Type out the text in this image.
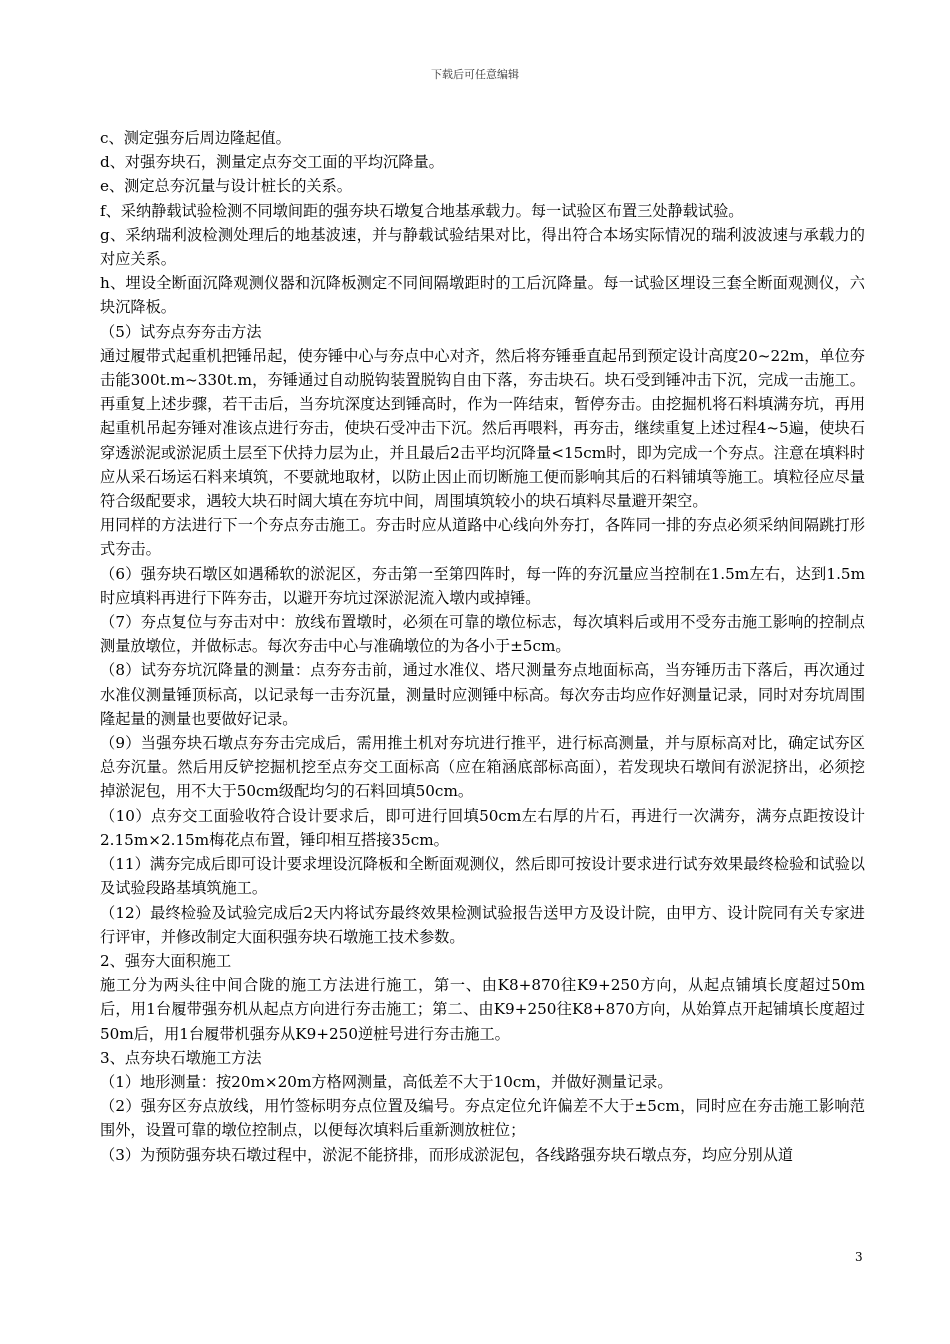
下载后可任意编辑

c、测定强夯后周边隆起值。

d、对强夯块石，测量定点夯交工面的平均沉降量。

e、测定总夯沉量与设计桩长的关系。

f、采纳静载试验检测不同墩间距的强夯块石墩复合地基承载力。每一试验区布置三处静载试验。

g、采纳瑞利波检测处理后的地基波速，并与静载试验结果对比，得出符合本场实际情况的瑞利波波速与承载力的对应关系。

h、埋设全断面沉降观测仪器和沉降板测定不同间隔墩距时的工后沉降量。每一试验区埋设三套全断面观测仪，六块沉降板。

（5）试夯点夯夯击方法

通过履带式起重机把锤吊起，使夯锤中心与夯点中心对齐，然后将夯锤垂直起吊到预定设计高度20~22m，单位夯击能300t.m~330t.m，夯锤通过自动脱钩装置脱钩自由下落，夯击块石。块石受到锤冲击下沉，完成一击施工。再重复上述步骤，若干击后，当夯坑深度达到锤高时，作为一阵结束，暂停夯击。由挖掘机将石料填满夯坑，再用起重机吊起夯锤对准该点进行夯击，使块石受冲击下沉。然后再喂料，再夯击，继续重复上述过程4~5遍，使块石穿透淤泥或淤泥质土层至下伏持力层为止，并且最后2击平均沉降量<15cm时，即为完成一个夯点。注意在填料时应从采石场运石料来填筑，不要就地取材，以防止因止而切断施工便而影响其后的石料铺填等施工。填粒径应尽量符合级配要求，遇较大块石时阔大填在夯坑中间，周围填筑较小的块石填料尽量避开架空。

用同样的方法进行下一个夯点夯击施工。夯击时应从道路中心线向外夯打，各阵同一排的夯点必须采纳间隔跳打形式夯击。

（6）强夯块石墩区如遇稀软的淤泥区，夯击第一至第四阵时，每一阵的夯沉量应当控制在1.5m左右，达到1.5m时应填料再进行下阵夯击，以避开夯坑过深淤泥流入墩内或掉锤。

（7）夯点复位与夯击对中：放线布置墩时，必须在可靠的墩位标志，每次填料后或用不受夯击施工影响的控制点测量放墩位，并做标志。每次夯击中心与准确墩位的为各小于±5cm。

（8）试夯夯坑沉降量的测量：点夯夯击前，通过水准仪、塔尺测量夯点地面标高，当夯锤历击下落后，再次通过水准仪测量锤顶标高，以记录每一击夯沉量，测量时应测锤中标高。每次夯击均应作好测量记录，同时对夯坑周围隆起量的测量也要做好记录。

（9）当强夯块石墩点夯夯击完成后，需用推土机对夯坑进行推平，进行标高测量，并与原标高对比，确定试夯区总夯沉量。然后用反铲挖掘机挖至点夯交工面标高（应在箱涵底部标高面），若发现块石墩间有淤泥挤出，必须挖掉淤泥包，用不大于50cm级配均匀的石料回填50cm。

（10）点夯交工面验收符合设计要求后，即可进行回填50cm左右厚的片石，再进行一次满夯，满夯点距按设计2.15m×2.15m梅花点布置，锤印相互搭接35cm。

（11）满夯完成后即可设计要求埋设沉降板和全断面观测仪，然后即可按设计要求进行试夯效果最终检验和试验以及试验段路基填筑施工。

（12）最终检验及试验完成后2天内将试夯最终效果检测试验报告送甲方及设计院，由甲方、设计院同有关专家进行评审，并修改制定大面积强夯块石墩施工技术参数。

2、强夯大面积施工

施工分为两头往中间合陇的施工方法进行施工，第一、由K8+870往K9+250方向，从起点铺填长度超过50m后，用1台履带强夯机从起点方向进行夯击施工；第二、由K9+250往K8+870方向，从始算点开起铺填长度超过50m后，用1台履带机强夯从K9+250逆桩号进行夯击施工。

3、点夯块石墩施工方法

（1）地形测量：按20m×20m方格网测量，高低差不大于10cm，并做好测量记录。

（2）强夯区夯点放线，用竹签标明夯点位置及编号。夯点定位允许偏差不大于±5cm，同时应在夯击施工影响范围外，设置可靠的墩位控制点，以便每次填料后重新测放桩位；

（3）为预防强夯块石墩过程中，淤泥不能挤排，而形成淤泥包，各线路强夯块石墩点夯，均应分别从道

3
